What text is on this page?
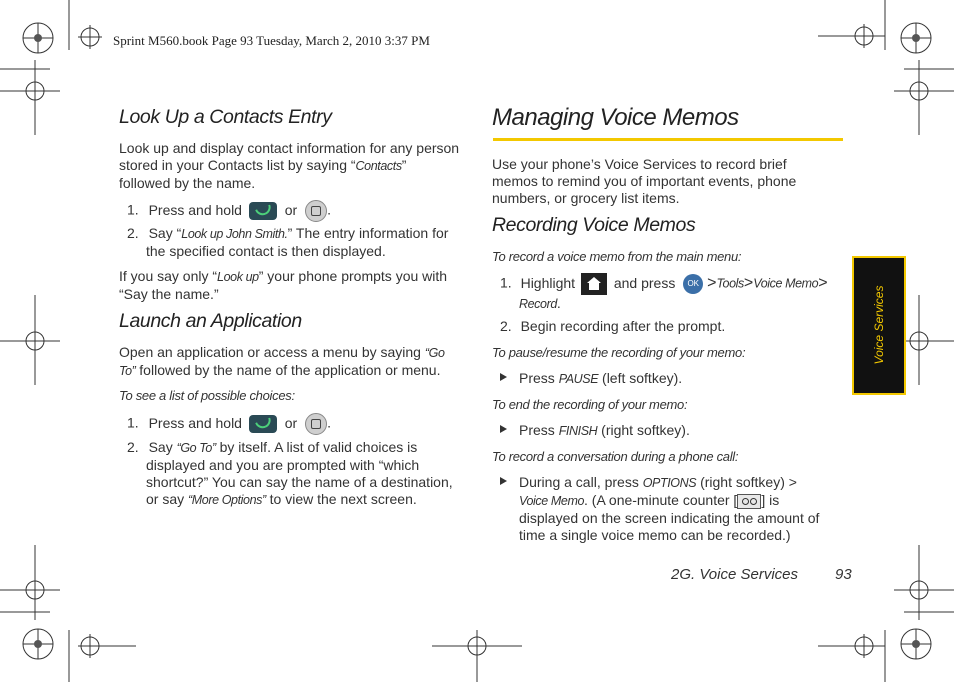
Sprint M560.book Page 93 Tuesday, March 2, 2010 3:37 PM
Look Up a Contacts Entry
Look up and display contact information for any person
stored in your Contacts list by saying “Contacts”
followed by the name.
1. Press and hold	or .
2. Say “Look up John Smith.” The entry information for
the specified contact is then displayed.
If you say only “Look up” your phone prompts you with
“Say the name.”
Launch an Application
Open an application or access a menu by saying “Go
To” followed by the name of the application or menu.
To see a list of possible choices:
1. Press and hold	or .
2. Say “Go To” by itself. A list of valid choices is
displayed and you are prompted with “which
shortcut?” You can say the name of a destination,
or say “More Options” to view the next screen.
Managing Voice Memos
Use your phone’s Voice Services to record brief
memos to remind you of important events, phone
numbers, or grocery list items.
Recording Voice Memos
To record a voice memo from the main menu:
1. Highlight	and press OK >Tools>Voice Memo>
Record.
2. Begin recording after the prompt.
To pause/resume the recording of your memo:
Press PAUSE (left softkey).
To end the recording of your memo:
Press FINISH (right softkey).
To record a conversation during a phone call:
During a call, press OPTIONS (right softkey) >
Voice Memo. (A one-minute counter [ ] is
displayed on the screen indicating the amount of
time a single voice memo can be recorded.)
Voice Services
2G. Voice Services 93
